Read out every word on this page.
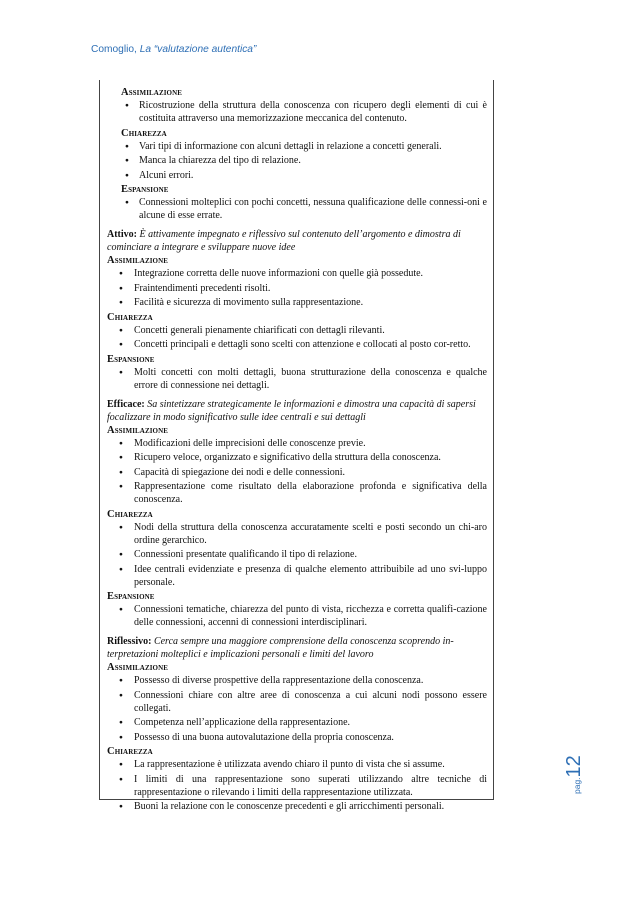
Comoglio, La “valutazione autentica”
Assimilazione
● Ricostruzione della struttura della conoscenza con ricupero degli elementi di cui è costituita attraverso una memorizzazione meccanica del contenuto.
Chiarezza
● Vari tipi di informazione con alcuni dettagli in relazione a concetti generali.
● Manca la chiarezza del tipo di relazione.
● Alcuni errori.
Espansione
● Connessioni molteplici con pochi concetti, nessuna qualificazione delle connessi-oni e alcune di esse errate.
Attivo: È attivamente impegnato e riflessivo sul contenuto dell’argomento e dimostra di cominciare a integrare e sviluppare nuove idee
Assimilazione
● Integrazione corretta delle nuove informazioni con quelle già possedute.
● Fraintendimenti precedenti risolti.
● Facilità e sicurezza di movimento sulla rappresentazione.
Chiarezza
● Concetti generali pienamente chiarificati con dettagli rilevanti.
● Concetti principali e dettagli sono scelti con attenzione e collocati al posto cor-retto.
Espansione
● Molti concetti con molti dettagli, buona strutturazione della conoscenza e qualche errore di connessione nei dettagli.
Efficace: Sa sintetizzare strategicamente le informazioni e dimostra una capacità di sapersi focalizzare in modo significativo sulle idee centrali e sui dettagli
Assimilazione
● Modificazioni delle imprecisioni delle conoscenze previe.
● Ricupero veloce, organizzato e significativo della struttura della conoscenza.
● Capacità di spiegazione dei nodi e delle connessioni.
● Rappresentazione come risultato della elaborazione profonda e significativa della conoscenza.
Chiarezza
● Nodi della struttura della conoscenza accuratamente scelti e posti secondo un chi-aro ordine gerarchico.
● Connessioni presentate qualificando il tipo di relazione.
● Idee centrali evidenziate e presenza di qualche elemento attribuibile ad uno svi-luppo personale.
Espansione
● Connessioni tematiche, chiarezza del punto di vista, ricchezza e corretta qualifi-cazione delle connessioni, accenni di connessioni interdisciplinari.
Riflessivo: Cerca sempre una maggiore comprensione della conoscenza scoprendo in-terpretazioni molteplici e implicazioni personali e limiti del lavoro
Assimilazione
● Possesso di diverse prospettive della rappresentazione della conoscenza.
● Connessioni chiare con altre aree di conoscenza a cui alcuni nodi possono essere collegati.
● Competenza nell’applicazione della rappresentazione.
● Possesso di una buona autovalutazione della propria conoscenza.
Chiarezza
● La rappresentazione è utilizzata avendo chiaro il punto di vista che si assume.
● I limiti di una rappresentazione sono superati utilizzando altre tecniche di rappresentazione o rilevando i limiti della rappresentazione utilizzata.
● Buoni la relazione con le conoscenze precedenti e gli arricchimenti personali.
pag.12
